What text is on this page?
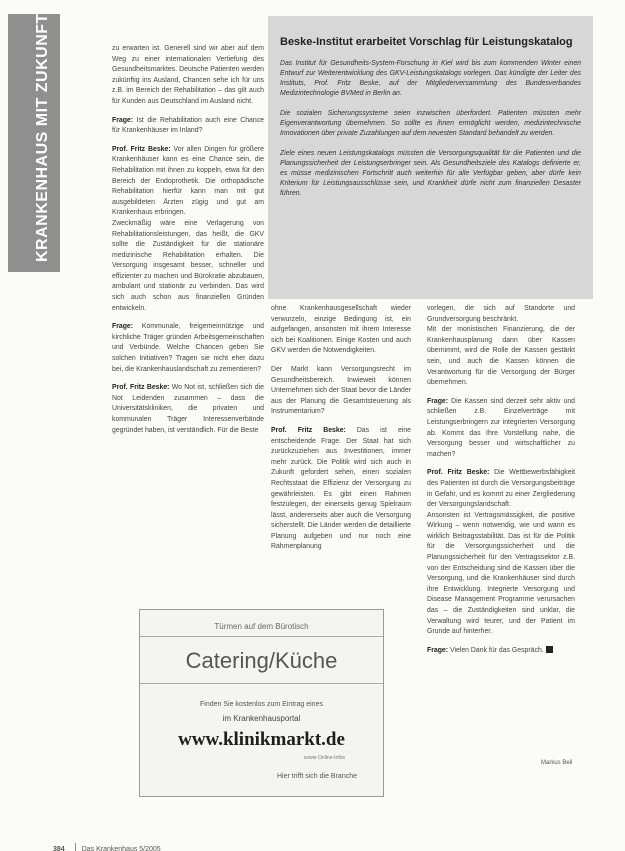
KRANKENHAUS MIT ZUKUNFT	zu erwarten ist. Generell sind wir aber auf dem Weg zu einer internationalen Vertiefung des Gesundheitsmarktes. Deutsche Patienten werden zukünftig ins Ausland, Chancen sehe ich für uns z.B. im Bereich der Rehabilitation – das gilt auch für Kunden aus Deutschland im Ausland nicht.

Frage: Ist die Rehabilitation auch eine Chance für Krankenhäuser im Inland?

Prof. Fritz Beske: Vor allen Dingen für größere Krankenhäuser kann es eine Chance sein, die Rehabilitation mit ihnen zu koppeln, etwa für den Bereich der Endoprothetik. Die orthopädische Rehabilitation hierfür kann man mit gut ausgebildeten Ärzten zügig und gut am Krankenhaus erbringen.

Zweckmäßig wäre eine Verlagerung von Rehabilitationsleistungen, das heißt, die GKV sollte die Zuständigkeit für die stationäre medizinische Rehabilitation erhalten. Die Versorgung insgesamt besser, schneller und effizienter zu machen und Bürokratie abzubauen, ambulant und stationär zu verbinden. Das wird sich auch schon aus finanziellen Gründen entwickeln.

Frage: Kommunale, freigemeinnützige und kirchliche Träger gründen Arbeitsgemeinschaften und Verbünde. Welche Chancen geben Sie solchen Initiativen? Tragen sie nicht eher dazu bei, die Krankenhauslandschaft zu zementieren?

Prof. Fritz Beske: Wo Not ist, schließen sich die Not Leidenden zusammen – dass die Universitätskliniken, die privaten und kommunalen Träger Interessenverbände gegründet haben, ist verständlich. Für die Beste

Beske-Institut erarbeitet Vorschlag für Leistungskatalog

Das Institut für Gesundheits-System-Forschung in Kiel wird bis zum kommenden Winter einen Entwurf zur Weiterentwicklung des GKV-Leistungskatalogs vorlegen. Das kündigte der Leiter des Instituts, Prof. Fritz Beske, auf der Mitgliederversammlung des Bundesverbandes Medizintechnologie BVMed in Berlin an.

Die sozialen Sicherungssysteme seien inzwischen überfordert. Patienten müssten mehr Eigenverantwortung übernehmen. So sollte es ihnen ermöglicht werden, medizintechnische Innovationen über private Zuzahlungen auf dem neuesten Standard behandelt zu werden.

Ziele eines neuen Leistungskatalogs müssten die Versorgungsqualität für die Patienten und die Planungssicherheit der Leistungserbringer sein. Als Gesundheitsziele des Katalogs definierte er, es müsse medizinischen Fortschritt auch weiterhin für alle Verfügbar geben, aber dürfe kein Kriterium für Leistungsausschlüsse sein, und Krankheit dürfe nicht zum finanziellen Desaster führen.

ohne Krankenhausgesellschaft wieder verwurzeln, einzige Bedingung ist, ein aufgefangen, ansonsten mit ihrem Interesse sich bei Koalitionen. Einige Kosten und auch GKV werden die Notwendigkeiten.

Der Markt kann Versorgungsrecht im Gesundheitsbereich. Inwieweit können Unternehmen sich der Staat bevor die Länder aus der Planung die Gesamtsteuerung als Instrumentarium?

Prof. Fritz Beske: Das ist eine entscheidende Frage. Der Staat hat sich zurückzuziehen aus Investitionen, immer mehr zurück. Die Politik wird sich auch in Zukunft gefordert sehen, einen sozialen Rechtsstaat die Effizienz der Versorgung zu gewährleisten. Es gibt einen Rahmen festzulegen, der einerseits genug Spielraum lässt, andererseits aber auch die Versorgung sicherstellt. Die Länder werden die detaillierte Planung aufgeben und nur noch eine Rahmenplanung

vorlegen, die sich auf Standorte und Grundversorgung beschränkt.

Mit der monistischen Finanzierung, die der Krankenhausplanung dann über Kassen übernimmt, wird die Rolle der Kassen gestärkt sein, und auch die Kassen können die Verantwortung für die Versorgung der Bürger übernehmen.

Frage: Die Kassen sind derzeit sehr aktiv und schließen z.B. Einzelverträge mit Leistungserbringern zur integrierten Versorgung ab. Kommt das Ihre Vorstellung nahe, die Versorgung besser und wirtschaftlicher zu machen?

Prof. Fritz Beske: Die Wettbewerbsfähigkeit des Patienten ist durch die Versorgungsbeiträge in Gefahr, und es kommt zu einer Zergliederung der Versorgungslandschaft.

Ansonsten ist Vertragsmässigkeit, die positive Wirkung – wenn notwendig, wie und wann es wirklich Beitragsstabilität. Das ist für die Politik für die Versorgungssicherheit und die Planungssicherheit für den Vertragssektor z.B. von der Entscheidung sind die Kassen über die Versorgung, und die Krankenhäuser sind durch ihre Entwicklung. Integrierte Versorgung und Disease Management Programme verursachen das – die Zuständigkeiten sind unklar, die Verwaltung wird teurer, und der Patient im Grunde auf hinterher.

Frage: Vielen Dank für das Gespräch.

Markus Beil
Türmen auf dem Bürotisch
Catering/Küche
Finden Sie kostenlos zum Eintrag eines
im Krankenhausportal
www.klinikmarkt.de
sowie Online-Infos
Hier trifft sich die Branche
384 Das Krankenhaus 5/2005
